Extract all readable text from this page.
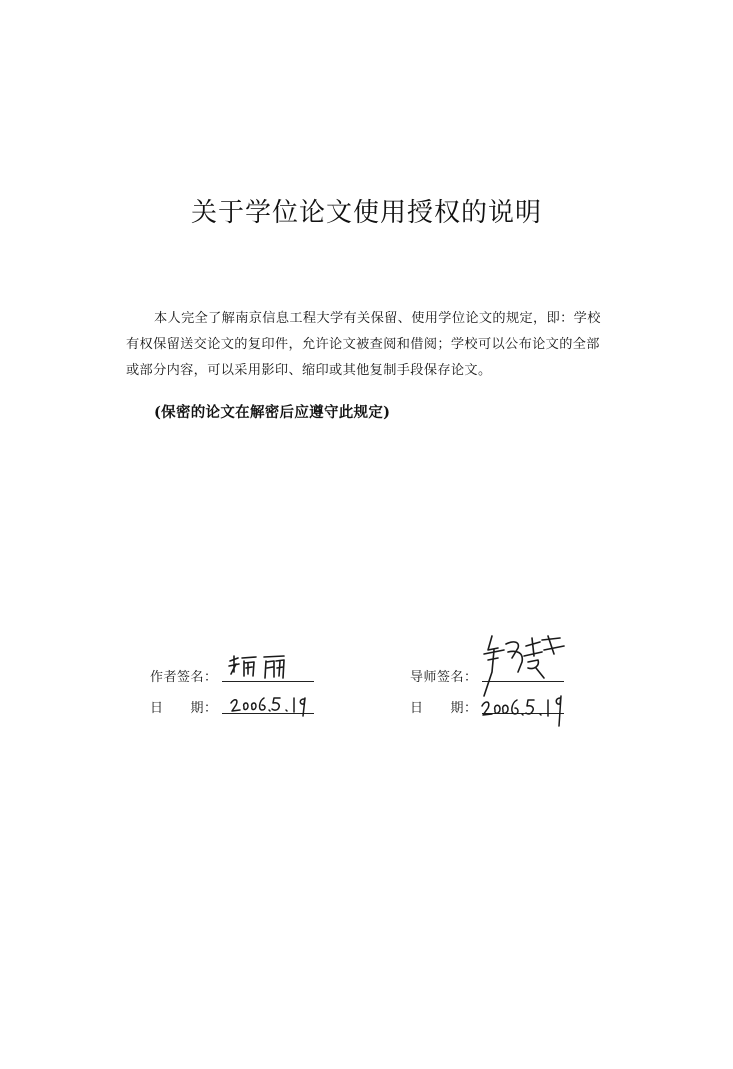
关于学位论文使用授权的说明
本人完全了解南京信息工程大学有关保留、使用学位论文的规定，即：学校
有权保留送交论文的复印件，允许论文被查阅和借阅；学校可以公布论文的全部
或部分内容，可以采用影印、缩印或其他复制手段保存论文。
(保密的论文在解密后应遵守此规定)
作者签名：
日　　期：
导师签名：
日　　期：
